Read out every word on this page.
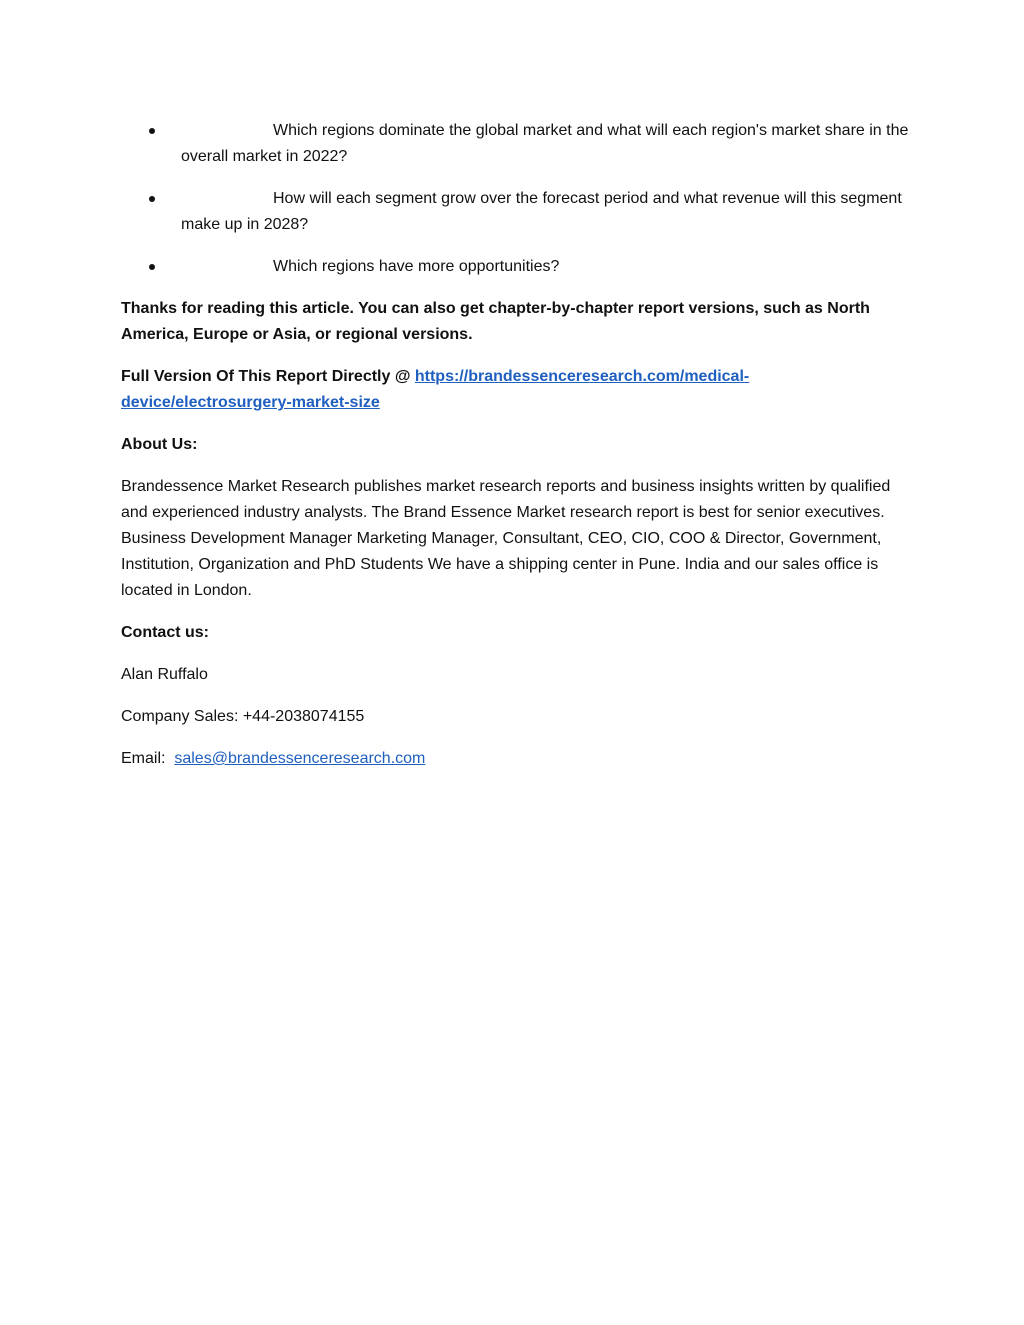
Which regions dominate the global market and what will each region's market share in the overall market in 2022?
How will each segment grow over the forecast period and what revenue will this segment make up in 2028?
Which regions have more opportunities?

Thanks for reading this article. You can also get chapter-by-chapter report versions, such as North America, Europe or Asia, or regional versions.

Full Version Of This Report Directly @ https://brandessenceresearch.com/medical-device/electrosurgery-market-size

About Us:

Brandessence Market Research publishes market research reports and business insights written by qualified and experienced industry analysts. The Brand Essence Market research report is best for senior executives. Business Development Manager Marketing Manager, Consultant, CEO, CIO, COO & Director, Government, Institution, Organization and PhD Students We have a shipping center in Pune. India and our sales office is located in London.

Contact us:

Alan Ruffalo

Company Sales: +44-2038074155

Email:  sales@brandessenceresearch.com
